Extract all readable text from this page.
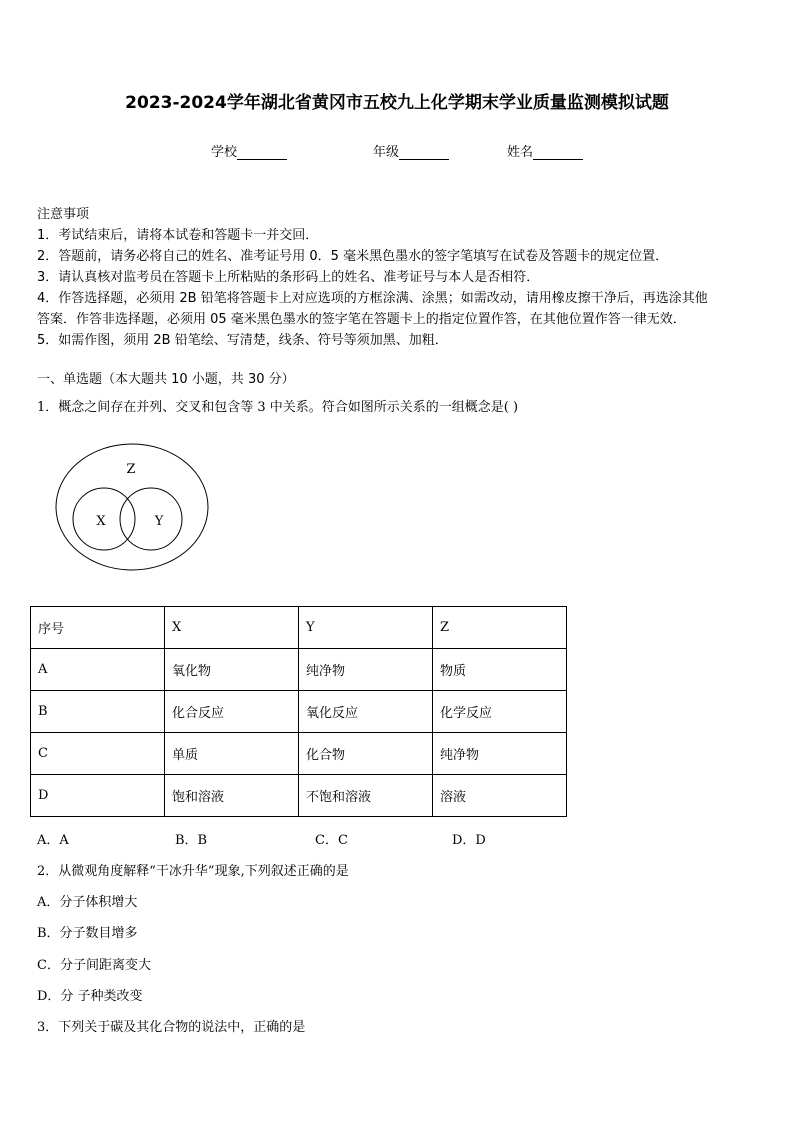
2023-2024学年湖北省黄冈市五校九上化学期末学业质量监测模拟试题
学校	年级	姓名
注意事项
1．考试结束后，请将本试卷和答题卡一并交回．
2．答题前，请务必将自己的姓名、准考证号用 0．5 毫米黑色墨水的签字笔填写在试卷及答题卡的规定位置．
3．请认真核对监考员在答题卡上所粘贴的条形码上的姓名、准考证号与本人是否相符．
4．作答选择题，必须用 2B 铅笔将答题卡上对应选项的方框涂满、涂黑；如需改动，请用橡皮擦干净后，再选涂其他
答案．作答非选择题，必须用 05 毫米黑色墨水的签字笔在答题卡上的指定位置作答，在其他位置作答一律无效．
5．如需作图，须用 2B 铅笔绘、写清楚，线条、符号等须加黑、加粗．
一、单选题（本大题共 10 小题，共 30 分）
1．概念之间存在并列、交叉和包含等 3 中关系。符合如图所示关系的一组概念是( )
Z
X	Y
序号	X	Y	Z
A	氧化物	纯净物	物质
B	化合反应	氧化反应	化学反应
C	单质	化合物	纯净物
D	饱和溶液	不饱和溶液	溶液
A．A	B．B	C．C	D．D
2．从微观角度解释“干冰升华”现象,下列叙述正确的是
A．分子体积增大
B．分子数目增多
C．分子间距离变大
D．分 子种类改变
3．下列关于碳及其化合物的说法中，正确的是
